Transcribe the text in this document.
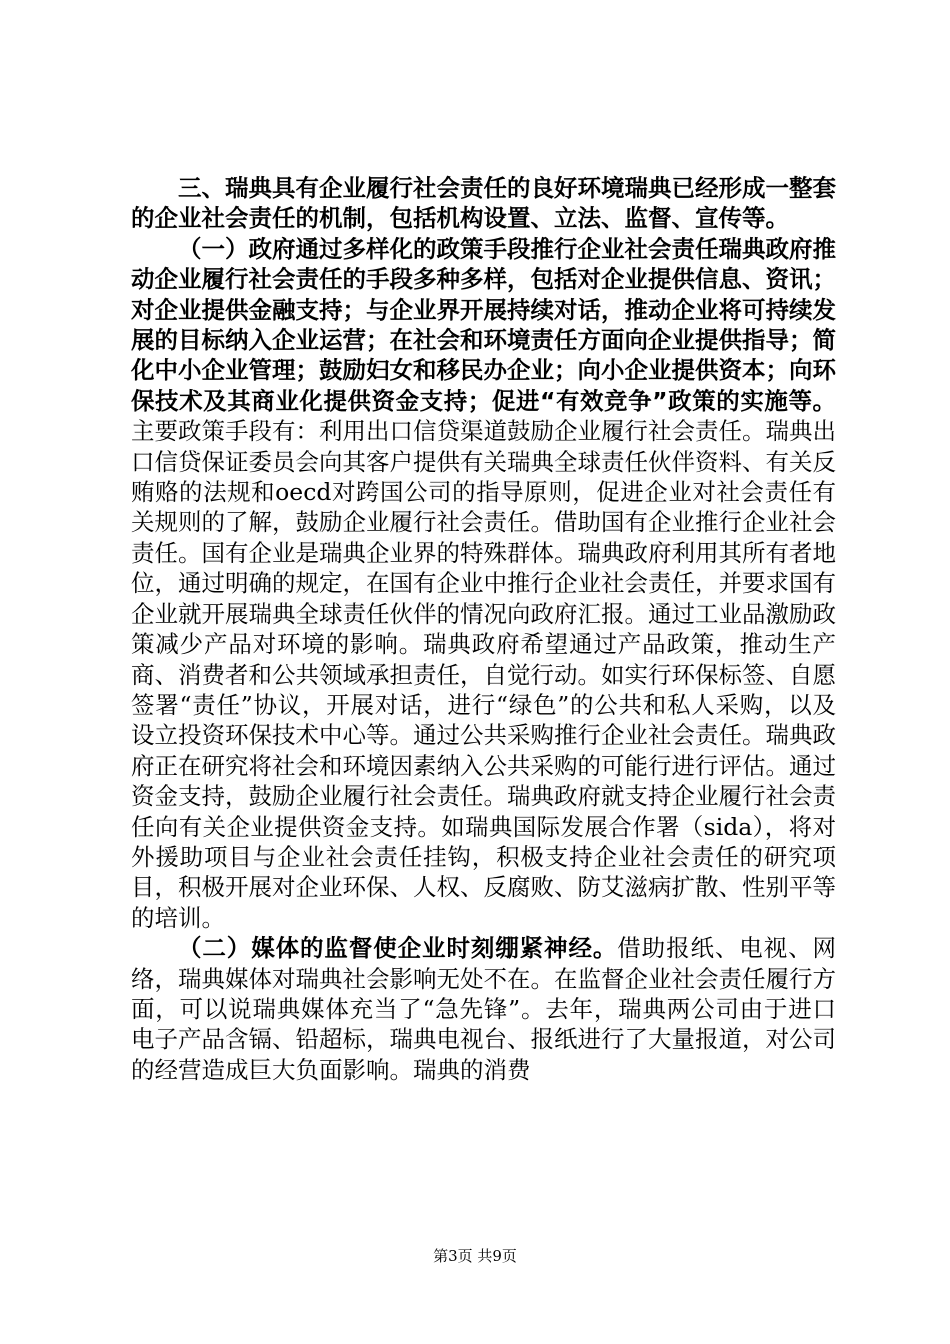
三、瑞典具有企业履行社会责任的良好环境瑞典已经形成一整套的企业社会责任的机制，包括机构设置、立法、监督、宣传等。

（一）政府通过多样化的政策手段推行企业社会责任瑞典政府推动企业履行社会责任的手段多种多样，包括对企业提供信息、资讯；对企业提供金融支持；与企业界开展持续对话，推动企业将可持续发展的目标纳入企业运营；在社会和环境责任方面向企业提供指导；简化中小企业管理；鼓励妇女和移民办企业；向小企业提供资本；向环保技术及其商业化提供资金支持；促进“有效竞争”政策的实施等。主要政策手段有：利用出口信贷渠道鼓励企业履行社会责任。瑞典出口信贷保证委员会向其客户提供有关瑞典全球责任伙伴资料、有关反贿赂的法规和oecd对跨国公司的指导原则，促进企业对社会责任有关规则的了解，鼓励企业履行社会责任。借助国有企业推行企业社会责任。国有企业是瑞典企业界的特殊群体。瑞典政府利用其所有者地位，通过明确的规定，在国有企业中推行企业社会责任，并要求国有企业就开展瑞典全球责任伙伴的情况向政府汇报。通过工业品激励政策减少产品对环境的影响。瑞典政府希望通过产品政策，推动生产商、消费者和公共领域承担责任，自觉行动。如实行环保标签、自愿签署“责任”协议，开展对话，进行“绿色”的公共和私人采购，以及设立投资环保技术中心等。通过公共采购推行企业社会责任。瑞典政府正在研究将社会和环境因素纳入公共采购的可能行进行评估。通过资金支持，鼓励企业履行社会责任。瑞典政府就支持企业履行社会责任向有关企业提供资金支持。如瑞典国际发展合作署（sida），将对外援助项目与企业社会责任挂钩，积极支持企业社会责任的研究项目，积极开展对企业环保、人权、反腐败、防艾滋病扩散、性别平等的培训。

（二）媒体的监督使企业时刻绷紧神经。借助报纸、电视、网络，瑞典媒体对瑞典社会影响无处不在。在监督企业社会责任履行方面，可以说瑞典媒体充当了“急先锋”。去年，瑞典两公司由于进口电子产品含镉、铅超标，瑞典电视台、报纸进行了大量报道，对公司的经营造成巨大负面影响。瑞典的消费

第3页 共9页
